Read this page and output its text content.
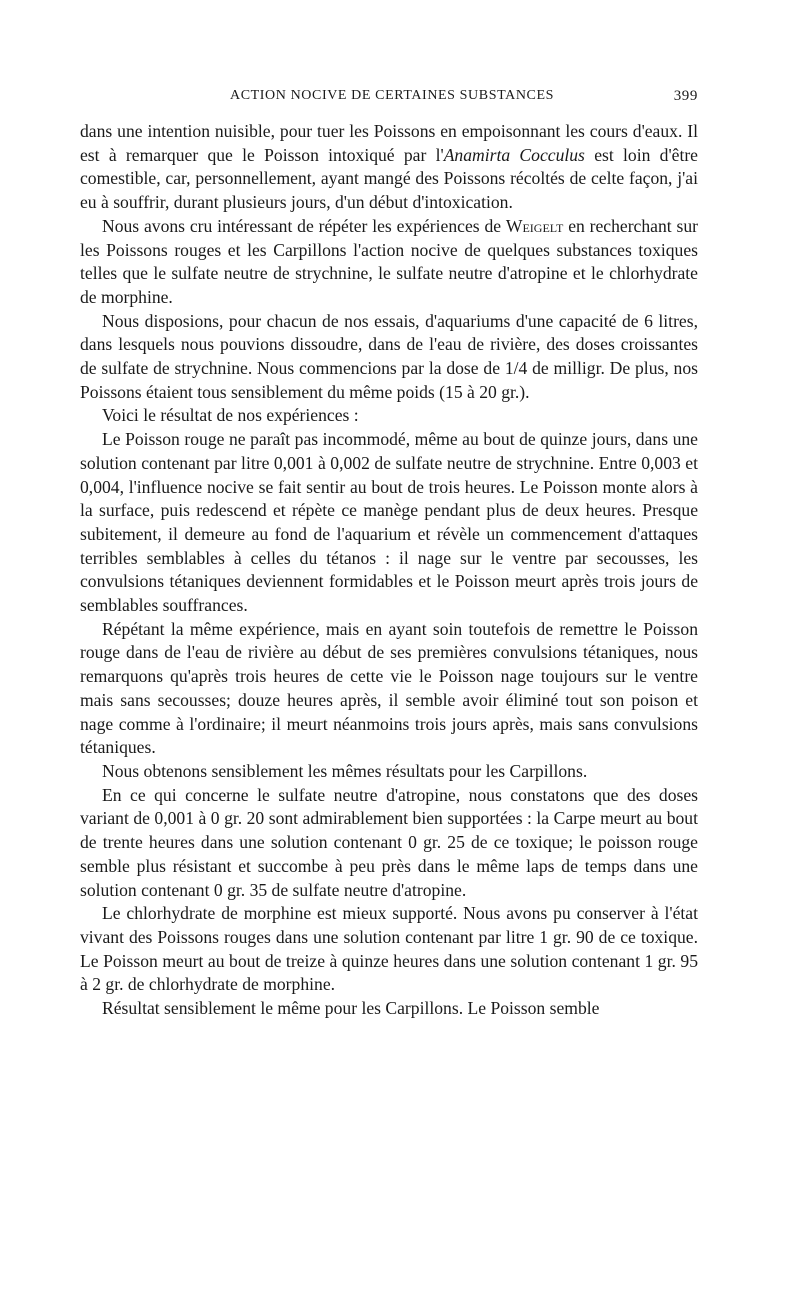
ACTION NOCIVE DE CERTAINES SUBSTANCES	399

dans une intention nuisible, pour tuer les Poissons en empoisonnant les cours d'eaux. Il est à remarquer que le Poisson intoxiqué par l'Anamirta Cocculus est loin d'être comestible, car, personnellement, ayant mangé des Poissons récoltés de celte façon, j'ai eu à souffrir, durant plusieurs jours, d'un début d'intoxication.

Nous avons cru intéressant de répéter les expériences de Weigelt en recherchant sur les Poissons rouges et les Carpillons l'action nocive de quelques substances toxiques telles que le sulfate neutre de strychnine, le sulfate neutre d'atropine et le chlorhydrate de morphine.

Nous disposions, pour chacun de nos essais, d'aquariums d'une capacité de 6 litres, dans lesquels nous pouvions dissoudre, dans de l'eau de rivière, des doses croissantes de sulfate de strychnine. Nous commencions par la dose de 1/4 de milligr. De plus, nos Poissons étaient tous sensiblement du même poids (15 à 20 gr.).

Voici le résultat de nos expériences :

Le Poisson rouge ne paraît pas incommodé, même au bout de quinze jours, dans une solution contenant par litre 0,001 à 0,002 de sulfate neutre de strychnine. Entre 0,003 et 0,004, l'influence nocive se fait sentir au bout de trois heures. Le Poisson monte alors à la surface, puis redescend et répète ce manège pendant plus de deux heures. Presque subitement, il demeure au fond de l'aquarium et révèle un commencement d'attaques terribles semblables à celles du tétanos : il nage sur le ventre par secousses, les convulsions tétaniques deviennent formidables et le Poisson meurt après trois jours de semblables souffrances.

Répétant la même expérience, mais en ayant soin toutefois de remettre le Poisson rouge dans de l'eau de rivière au début de ses premières convulsions tétaniques, nous remarquons qu'après trois heures de cette vie le Poisson nage toujours sur le ventre mais sans secousses; douze heures après, il semble avoir éliminé tout son poison et nage comme à l'ordinaire; il meurt néanmoins trois jours après, mais sans convulsions tétaniques.

Nous obtenons sensiblement les mêmes résultats pour les Carpillons.

En ce qui concerne le sulfate neutre d'atropine, nous constatons que des doses variant de 0,001 à 0 gr. 20 sont admirablement bien supportées : la Carpe meurt au bout de trente heures dans une solution contenant 0 gr. 25 de ce toxique; le poisson rouge semble plus résistant et succombe à peu près dans le même laps de temps dans une solution contenant 0 gr. 35 de sulfate neutre d'atropine.

Le chlorhydrate de morphine est mieux supporté. Nous avons pu conserver à l'état vivant des Poissons rouges dans une solution contenant par litre 1 gr. 90 de ce toxique. Le Poisson meurt au bout de treize à quinze heures dans une solution contenant 1 gr. 95 à 2 gr. de chlorhydrate de morphine.

Résultat sensiblement le même pour les Carpillons. Le Poisson semble
